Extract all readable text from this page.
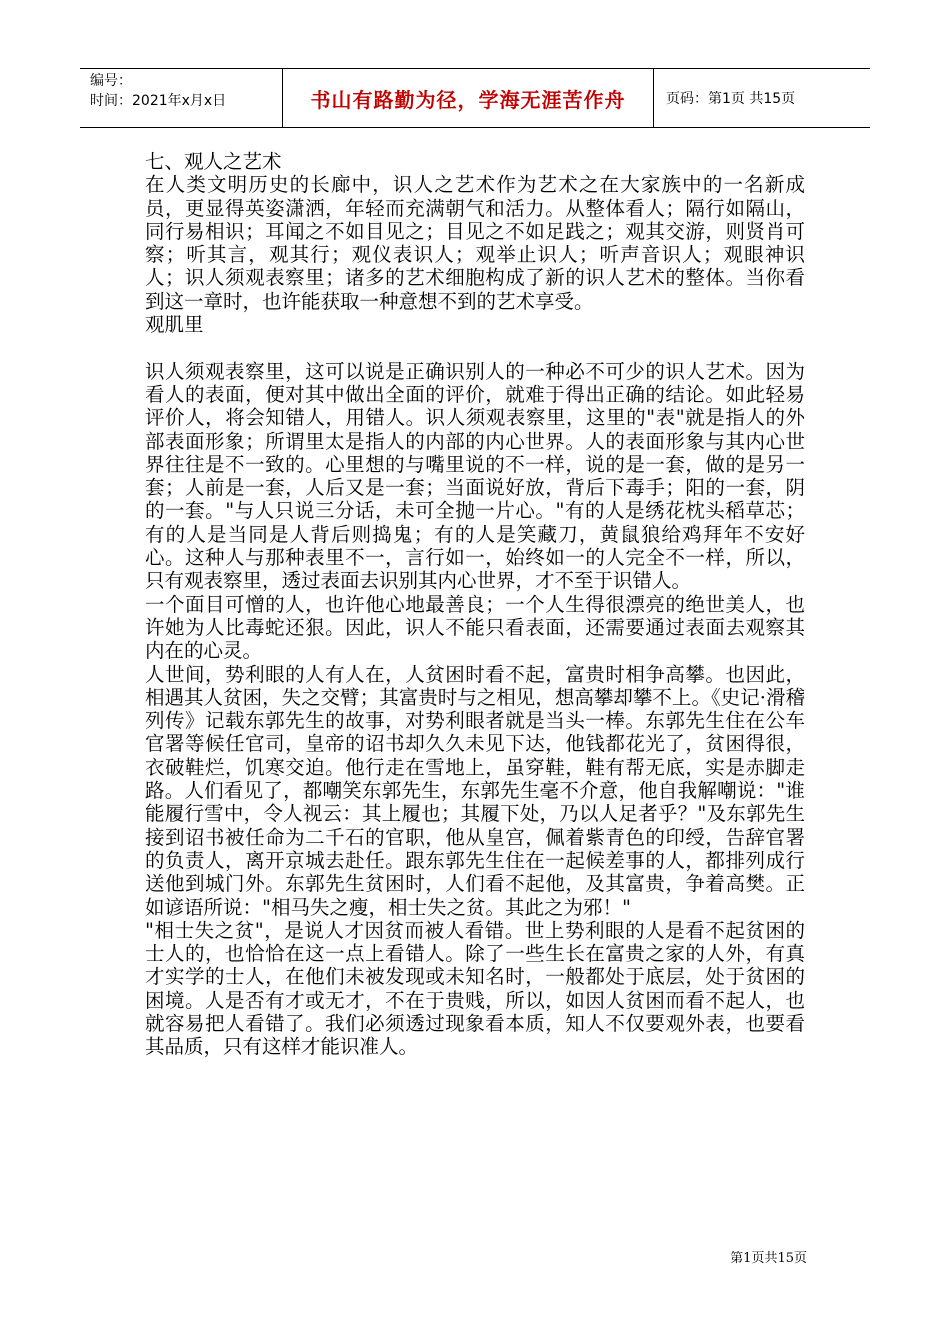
编号：
时间：2021年x月x日	书山有路勤为径，学海无涯苦作舟	页码：第1页 共15页

七、观人之艺术

在人类文明历史的长廊中，识人之艺术作为艺术之在大家族中的一名新成员，更显得英姿潇洒，年轻而充满朝气和活力。从整体看人；隔行如隔山，同行易相识；耳闻之不如目见之；目见之不如足践之；观其交游，则贤肖可察；听其言，观其行；观仪表识人；观举止识人；听声音识人；观眼神识人；识人须观表察里；诸多的艺术细胞构成了新的识人艺术的整体。当你看到这一章时，也许能获取一种意想不到的艺术享受。

观肌里

识人须观表察里，这可以说是正确识别人的一种必不可少的识人艺术。因为看人的表面，便对其中做出全面的评价，就难于得出正确的结论。如此轻易评价人，将会知错人，用错人。识人须观表察里，这里的"表"就是指人的外部表面形象；所谓里太是指人的内部的内心世界。人的表面形象与其内心世界往往是不一致的。心里想的与嘴里说的不一样，说的是一套，做的是另一套；人前是一套，人后又是一套；当面说好放，背后下毒手；阳的一套，阴的一套。"与人只说三分话，未可全抛一片心。"有的人是绣花枕头稻草芯；有的人是当同是人背后则捣鬼；有的人是笑藏刀，黄鼠狼给鸡拜年不安好心。这种人与那种表里不一，言行如一，始终如一的人完全不一样，所以，只有观表察里，透过表面去识别其内心世界，才不至于识错人。

一个面目可憎的人，也许他心地最善良；一个人生得很漂亮的绝世美人，也许她为人比毒蛇还狠。因此，识人不能只看表面，还需要通过表面去观察其内在的心灵。

人世间，势利眼的人有人在，人贫困时看不起，富贵时相争高攀。也因此，相遇其人贫困，失之交臂；其富贵时与之相见，想高攀却攀不上。《史记·滑稽列传》记载东郭先生的故事，对势利眼者就是当头一棒。东郭先生住在公车官署等候任官司，皇帝的诏书却久久未见下达，他钱都花光了，贫困得很，衣破鞋烂，饥寒交迫。他行走在雪地上，虽穿鞋，鞋有帮无底，实是赤脚走路。人们看见了，都嘲笑东郭先生，东郭先生毫不介意，他自我解嘲说："谁能履行雪中，令人视云：其上履也；其履下处，乃以人足者乎？"及东郭先生接到诏书被任命为二千石的官职，他从皇宫，佩着紫青色的印绶，告辞官署的负责人，离开京城去赴任。跟东郭先生住在一起候差事的人，都排列成行送他到城门外。东郭先生贫困时，人们看不起他，及其富贵，争着高樊。正如谚语所说："相马失之瘦，相士失之贫。其此之为邪！"

"相士失之贫"，是说人才因贫而被人看错。世上势利眼的人是看不起贫困的士人的，也恰恰在这一点上看错人。除了一些生长在富贵之家的人外，有真才实学的士人，在他们未被发现或未知名时，一般都处于底层，处于贫困的困境。人是否有才或无才，不在于贵贱，所以，如因人贫困而看不起人，也就容易把人看错了。我们必须透过现象看本质，知人不仅要观外表，也要看其品质，只有这样才能识准人。

第1页共15页
